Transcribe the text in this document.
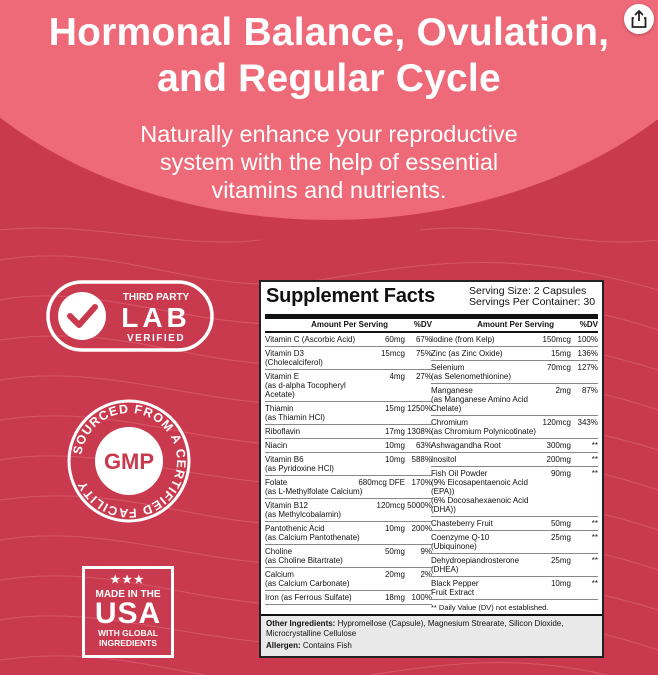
Hormonal Balance, Ovulation,
and Regular Cycle
Naturally enhance your reproductive
system with the help of essential
vitamins and nutrients.
THIRD PARTY
LAB
VERIFIED
SOURCED FROM A CERTIFIED FACILITY
GMP
★★★
MADE IN THE
USA
WITH GLOBAL
INGREDIENTS
Supplement Facts	Serving Size: 2 Capsules
Servings Per Container: 30
Amount Per Serving	%DV
Vitamin C (Ascorbic Acid)	60mg	67%
Vitamin D3
(Cholecalciferol)
15mcg	75%
Vitamin E
(as d-alpha Tocopheryl Acetate)
4mg	27%
Thiamin
(as Thiamin HCl)
15mg 1250%
Riboflavin	17mg 1308%
Niacin	10mg	63%
Vitamin B6
(as Pyridoxine HCl)
10mg 588%
Folate
(as L-Methylfolate Calcium)
680mcg DFE 170%
Vitamin B12
(as Methylcobalamin)
120mcg 5000%
Pantothenic Acid
(as Calcium Pantothenate)
10mg 200%
Choline
(as Choline Bitartrate)
50mg	9%
Calcium
(as Calcium Carbonate)
20mg	2%
Iron (as Ferrous Sulfate)	18mg 100%
Amount Per Serving	%DV
Iodine (from Kelp)	150mcg 100%
Zinc (as Zinc Oxide)	15mg 136%
Selenium
(as Selenomethionine)
70mcg 127%
Manganese
(as Manganese Amino Acid Chelate)
2mg	87%
Chromium
(as Chromium Polynicotinate)
120mcg 343%
Ashwagandha Root	300mg	**
Inositol	200mg	**
Fish Oil Powder
(9% Eicosapentaenoic Acid (EPA))
(6% Docosahexaenoic Acid (DHA))
90mg	**
Chasteberry Fruit	50mg	**
Coenzyme Q-10
(Ubiquinone)
25mg	**
Dehydroepiandrosterone
(DHEA)
25mg	**
Black Pepper
Fruit Extract
10mg	**
** Daily Value (DV) not established.
Other Ingredients: Hypromellose (Capsule), Magnesium Strearate, Silicon Dioxide, Microcrystalline Cellulose
Allergen: Contains Fish
